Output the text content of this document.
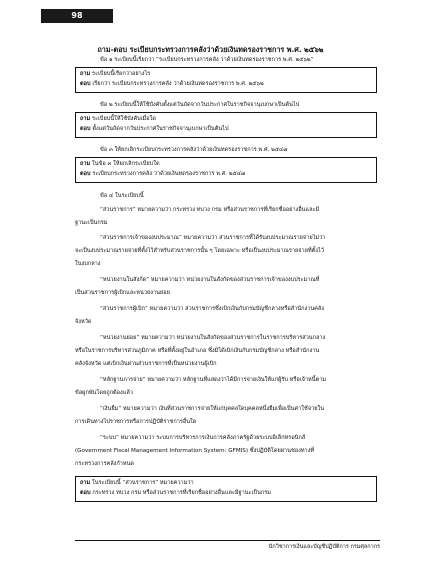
98
ถาม-ตอบ ระเบียบกระทรวงการคลังว่าด้วยเงินทดรองราชการ พ.ศ. ๒๕๖๒
ข้อ ๑ ระเบียบนี้เรียกว่า “ระเบียบกระทรวงการคลัง ว่าด้วยเงินทดรองราชการ พ.ศ. ๒๕๖๒”
ถาม ระเบียบนี้เรียกว่าอย่างไร
ตอบ เรียกว่า ระเบียบกระทรวงการคลัง ว่าด้วยเงินทดรองราชการ พ.ศ. ๒๕๖๒
ข้อ ๒ ระเบียบนี้ให้ใช้บังคับตั้งแต่วันถัดจากวันประกาศในราชกิจจานุเบกษาเป็นต้นไป
ถาม ระเบียบนี้ให้ใช้บังคับเมื่อใด
ตอบ ตั้งแต่วันถัดจากวันประกาศในราชกิจจานุเบกษาเป็นต้นไป
ข้อ ๓ ให้ยกเลิกระเบียบกระทรวงการคลังว่าด้วยเงินทดรองราชการ พ.ศ. ๒๕๔๗
ถาม ในข้อ ๓ ให้ยกเลิกระเบียบใด
ตอบ ระเบียบกระทรวงการคลัง ว่าด้วยเงินทดรองราชการ พ.ศ. ๒๕๔๗
ข้อ ๔ ในระเบียบนี้
“ส่วนราชการ” หมายความว่า กระทรวง ทบวง กรม หรือส่วนราชการที่เรียกชื่ออย่างอื่นและมี
ฐานะเป็นกรม
“ส่วนราชการเจ้าของงบประมาณ” หมายความว่า ส่วนราชการที่ได้รับงบประมาณรายจ่ายไม่ว่า
จะเป็นงบประมาณรายจ่ายที่ตั้งไว้สำหรับส่วนราชการนั้น ๆ โดยเฉพาะ หรือเป็นงบประมาณรายจ่ายที่ตั้งไว้
ในงบกลาง
“หน่วยงานในสังกัด” หมายความว่า หน่วยงานในสังกัดของส่วนราชการเจ้าของงบประมาณที่
เป็นส่วนราชการผู้เบิกและหน่วยงานย่อย
“ส่วนราชการผู้เบิก” หมายความว่า ส่วนราชการซึ่งเบิกเงินกับกรมบัญชีกลางหรือสำนักงานคลัง
จังหวัด
“หน่วยงานย่อย” หมายความว่า หน่วยงานในสังกัดของส่วนราชการในราชการบริหารส่วนกลาง
หรือในราชการบริหารส่วนภูมิภาค หรือที่ตั้งอยู่ในอำเภอ ซึ่งมิได้เบิกเงินกับกรมบัญชีกลาง หรือสำนักงาน
คลังจังหวัด แต่เบิกเงินผ่านส่วนราชการที่เป็นหน่วยงานผู้เบิก
“หลักฐานการจ่าย” หมายความว่า หลักฐานที่แสดงว่าได้มีการจ่ายเงินให้แก่ผู้รับ หรือเจ้าหนี้ตาม
ข้อผูกพันโดยถูกต้องแล้ว
“เงินยืม” หมายความว่า เงินที่ส่วนราชการจ่ายให้แก่บุคคลใดบุคคลหนึ่งยืมเพื่อเป็นค่าใช้จ่ายใน
การเดินทางไปราชการหรือการปฏิบัติราชการอื่นใด
“ระบบ” หมายความว่า ระบบการบริหารการเงินการคลังภาครัฐด้วยระบบอิเล็กทรอนิกส์
(Government Fiscal Management Information System: GFMIS) ซึ่งปฏิบัติโดยผ่านช่องทางที่
กระทรวงการคลังกำหนด
ถาม ในระเบียบนี้ “ส่วนราชการ” หมายความว่า
ตอบ กระทรวง ทบวง กรม หรือส่วนราชการที่เรียกชื่ออย่างอื่นและมีฐานะเป็นกรม
นักวิชาการเงินและบัญชีปฏิบัติการ กรมศุลกากร
